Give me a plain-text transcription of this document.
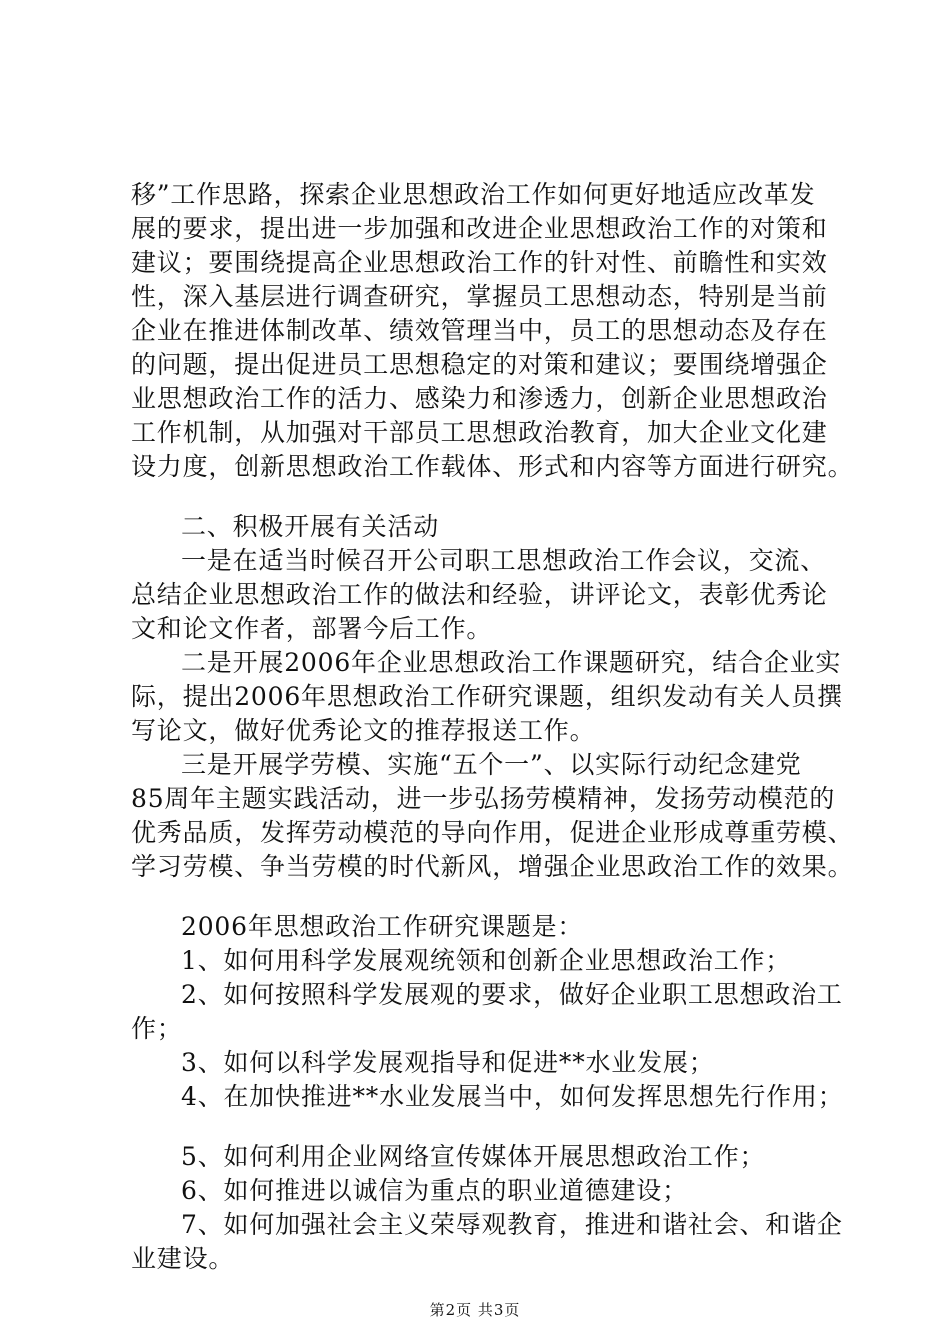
移”工作思路，探索企业思想政治工作如何更好地适应改革发
展的要求，提出进一步加强和改进企业思想政治工作的对策和
建议；要围绕提高企业思想政治工作的针对性、前瞻性和实效
性，深入基层进行调查研究，掌握员工思想动态，特别是当前
企业在推进体制改革、绩效管理当中，员工的思想动态及存在
的问题，提出促进员工思想稳定的对策和建议；要围绕增强企
业思想政治工作的活力、感染力和渗透力，创新企业思想政治
工作机制，从加强对干部员工思想政治教育，加大企业文化建
设力度，创新思想政治工作载体、形式和内容等方面进行研究。
二、积极开展有关活动
一是在适当时候召开公司职工思想政治工作会议，交流、
总结企业思想政治工作的做法和经验，讲评论文，表彰优秀论
文和论文作者，部署今后工作。
二是开展2006年企业思想政治工作课题研究，结合企业实
际，提出2006年思想政治工作研究课题，组织发动有关人员撰
写论文，做好优秀论文的推荐报送工作。
三是开展学劳模、实施“五个一”、以实际行动纪念建党
85周年主题实践活动，进一步弘扬劳模精神，发扬劳动模范的
优秀品质，发挥劳动模范的导向作用，促进企业形成尊重劳模、
学习劳模、争当劳模的时代新风，增强企业思政治工作的效果。
2006年思想政治工作研究课题是：
1、如何用科学发展观统领和创新企业思想政治工作；
2、如何按照科学发展观的要求，做好企业职工思想政治工
作；
3、如何以科学发展观指导和促进**水业发展；
4、在加快推进**水业发展当中，如何发挥思想先行作用；
5、如何利用企业网络宣传媒体开展思想政治工作；
6、如何推进以诚信为重点的职业道德建设；
7、如何加强社会主义荣辱观教育，推进和谐社会、和谐企
业建设。
第2页 共3页
